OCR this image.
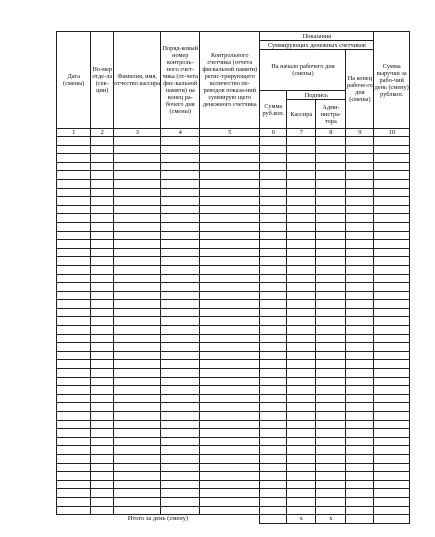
Дата (смены)	Но-мер отде-ла (сек-ции)	Фамилия, имя, отчество кассира	Поряд-ковый номер контроль-ного счет-чика (от-чета фис-кальной памяти) на конец ра-бочего дня (смены)	Контрольного счетчика (отчета фискальной памяти) регис-трирующего количество пе-реводов показа-ний суммирую щего денежного счетчика	Показания				Сумма выручки за рабо-чий день (смену) рублкоп.
					Суммирующих денежных счетчиков				
					На начало рабочего дня (смены)			На конец рабоче-го дня (смены)	
					Сумма руб.коп.	Подпись			
						Кассира	Адми-нистра-тора		
1	2	3	4	5	6	7	8	9	10

Итого за день (смену)						х	х		
